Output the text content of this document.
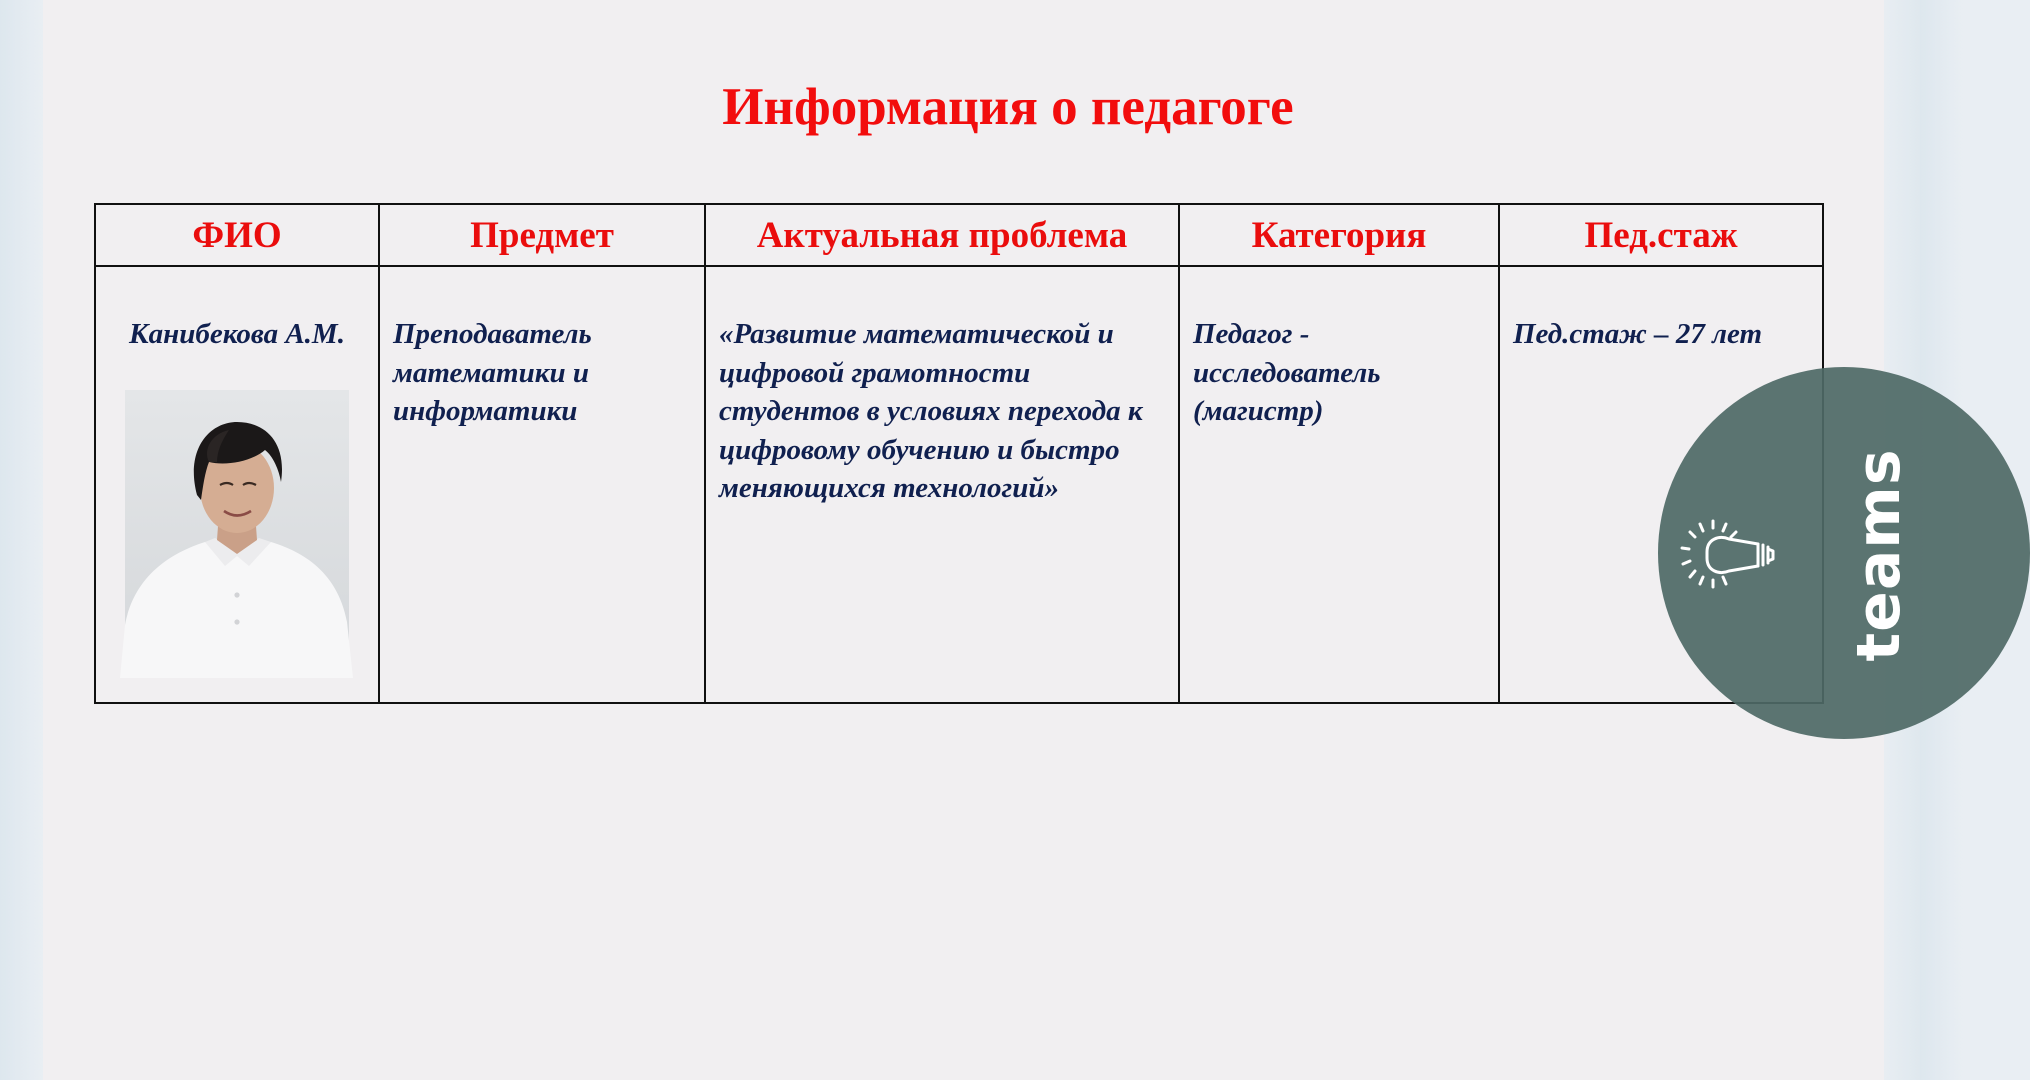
Информация о педагоге
ФИО	Предмет	Актуальная проблема	Категория	Пед.стаж

Канибекова А.М.	Преподаватель математики и информатики	«Развитие математической и цифровой грамотности студентов в условиях перехода к цифровому обучению и быстро меняющихся технологий»	Педагог - исследователь (магистр)	Пед.стаж – 27 лет
teams
